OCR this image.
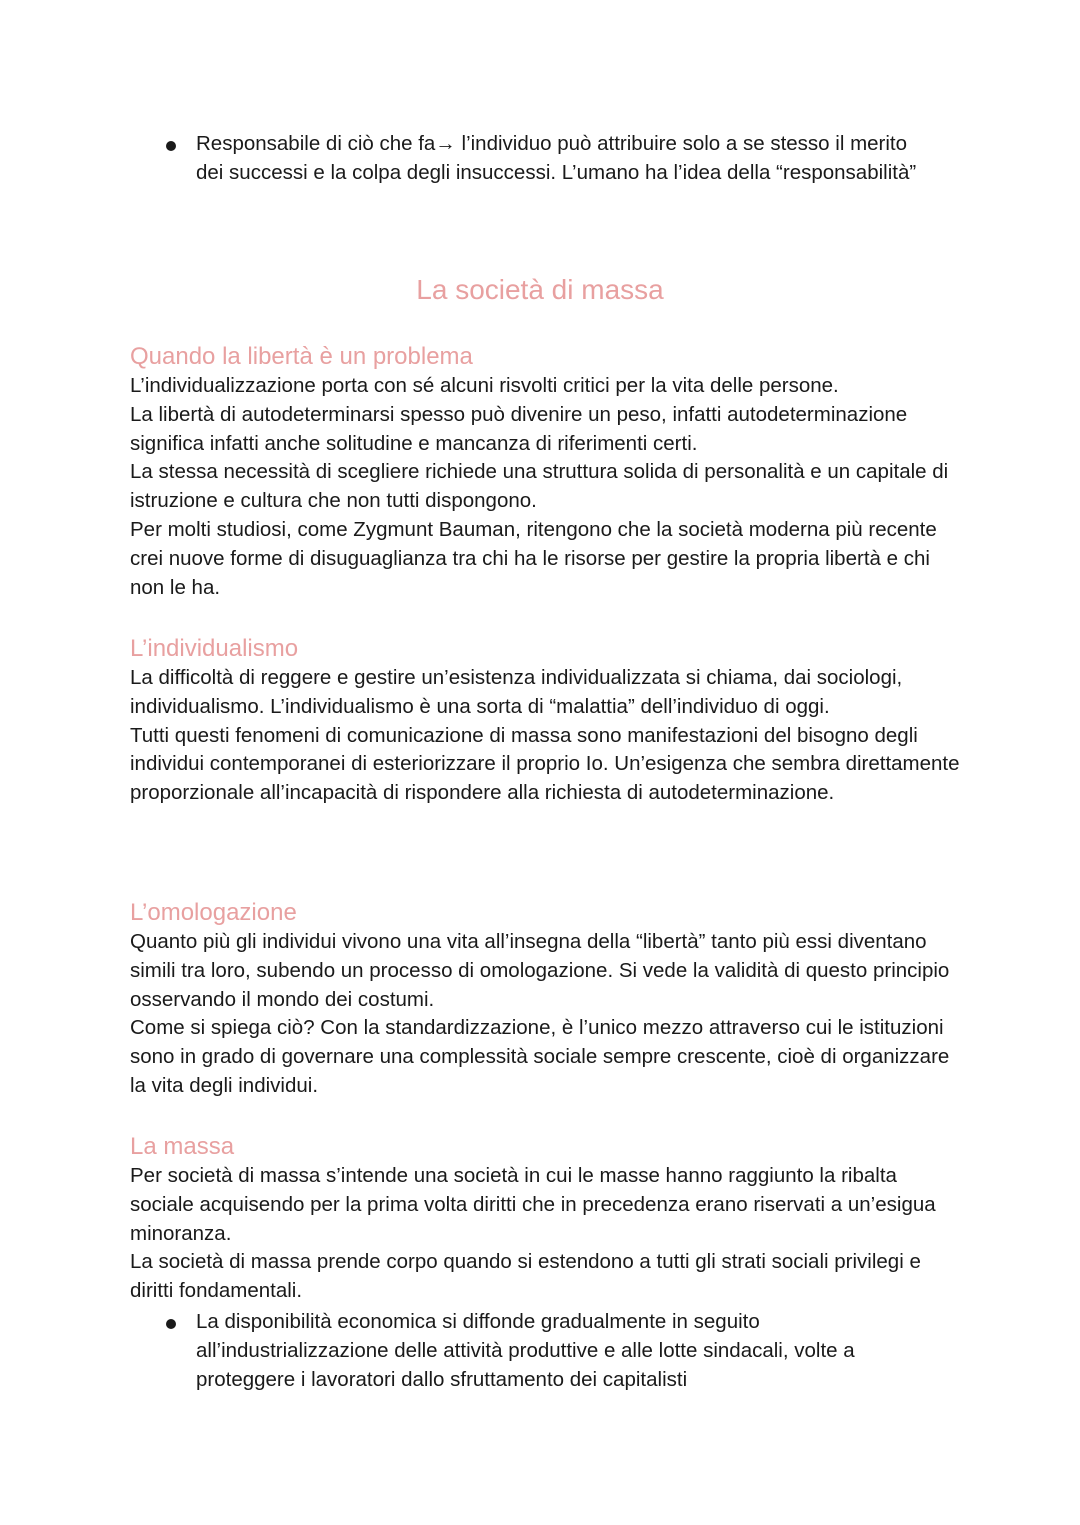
Responsabile di ciò che fa→ l’individuo può attribuire solo a se stesso il merito dei successi e la colpa degli insuccessi. L’umano ha l’idea della “responsabilità”
La società di massa
Quando la libertà è un problema

L’individualizzazione porta con sé alcuni risvolti critici per la vita delle persone.

La libertà di autodeterminarsi spesso può divenire un peso, infatti autodeterminazione significa infatti anche solitudine e mancanza di riferimenti certi.

La stessa necessità di scegliere richiede una struttura solida di personalità e un capitale di istruzione e cultura che non tutti dispongono.

Per molti studiosi, come Zygmunt Bauman, ritengono che la società moderna più recente crei nuove forme di disuguaglianza tra chi ha le risorse per gestire la propria libertà e chi non le ha.

L’individualismo

La difficoltà di reggere e gestire un’esistenza individualizzata si chiama, dai sociologi, individualismo. L’individualismo è una sorta di “malattia” dell’individuo di oggi.

Tutti questi fenomeni di comunicazione di massa sono manifestazioni del bisogno degli individui contemporanei di esteriorizzare il proprio Io. Un’esigenza che sembra direttamente proporzionale all’incapacità di rispondere alla richiesta di autodeterminazione.

L’omologazione

Quanto più gli individui vivono una vita all’insegna della “libertà” tanto più essi diventano simili tra loro, subendo un processo di omologazione. Si vede la validità di questo principio osservando il mondo dei costumi.

Come si spiega ciò? Con la standardizzazione, è l’unico mezzo attraverso cui le istituzioni sono in grado di governare una complessità sociale sempre crescente, cioè di organizzare la vita degli individui.

La massa

Per società di massa s’intende una società in cui le masse hanno raggiunto la ribalta sociale acquisendo per la prima volta diritti che in precedenza erano riservati a un’esigua minoranza.

La società di massa prende corpo quando si estendono a tutti gli strati sociali privilegi e diritti fondamentali.

La disponibilità economica si diffonde gradualmente in seguito all’industrializzazione delle attività produttive e alle lotte sindacali, volte a proteggere i lavoratori dallo sfruttamento dei capitalisti
